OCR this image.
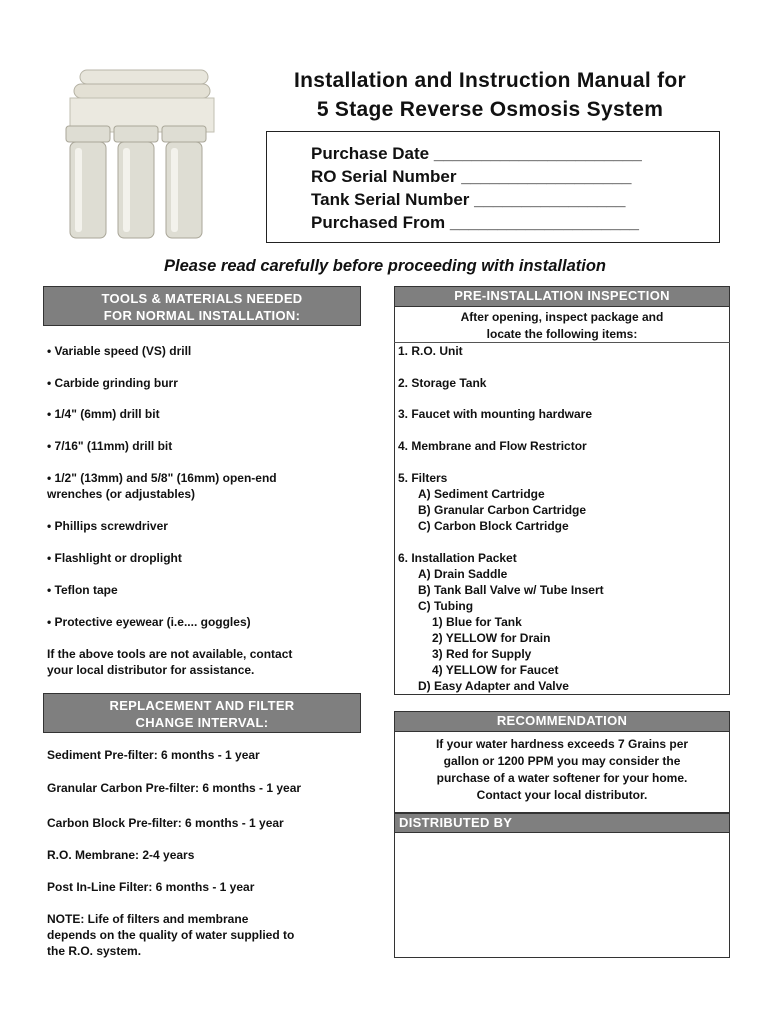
Installation and Instruction Manual for
5 Stage Reverse Osmosis System
Purchase Date ______________________
RO Serial Number __________________
Tank Serial Number ________________
Purchased From ____________________
Please read carefully before proceeding with installation
TOOLS & MATERIALS NEEDED
FOR NORMAL INSTALLATION:
• Variable speed (VS) drill
• Carbide grinding burr
• 1/4" (6mm) drill bit
• 7/16" (11mm) drill bit
• 1/2" (13mm) and 5/8" (16mm) open-end
wrenches (or adjustables)
• Phillips screwdriver
• Flashlight or droplight
• Teflon tape
• Protective eyewear (i.e.... goggles)
If the above tools are not available, contact
your local distributor for assistance.
REPLACEMENT AND FILTER
CHANGE INTERVAL:
Sediment Pre-filter: 6 months - 1 year
Granular Carbon Pre-filter: 6 months - 1 year
Carbon Block Pre-filter: 6 months - 1 year
R.O. Membrane: 2-4 years
Post In-Line Filter: 6 months - 1 year
NOTE: Life of filters and membrane
depends on the quality of water supplied to
the R.O. system.
PRE-INSTALLATION INSPECTION
After opening, inspect package and
locate the following items:
1. R.O. Unit
2. Storage Tank
3. Faucet with mounting hardware
4. Membrane and Flow Restrictor
5. Filters
A) Sediment Cartridge
B) Granular Carbon Cartridge
C) Carbon Block Cartridge
6. Installation Packet
A) Drain Saddle
B) Tank Ball Valve w/ Tube Insert
C) Tubing
1) Blue for Tank
2) YELLOW for Drain
3) Red for Supply
4) YELLOW for Faucet
D) Easy Adapter and Valve
RECOMMENDATION
If your water hardness exceeds 7 Grains per
gallon or 1200 PPM you may consider the
purchase of a water softener for your home.
Contact your local distributor.
DISTRIBUTED BY
